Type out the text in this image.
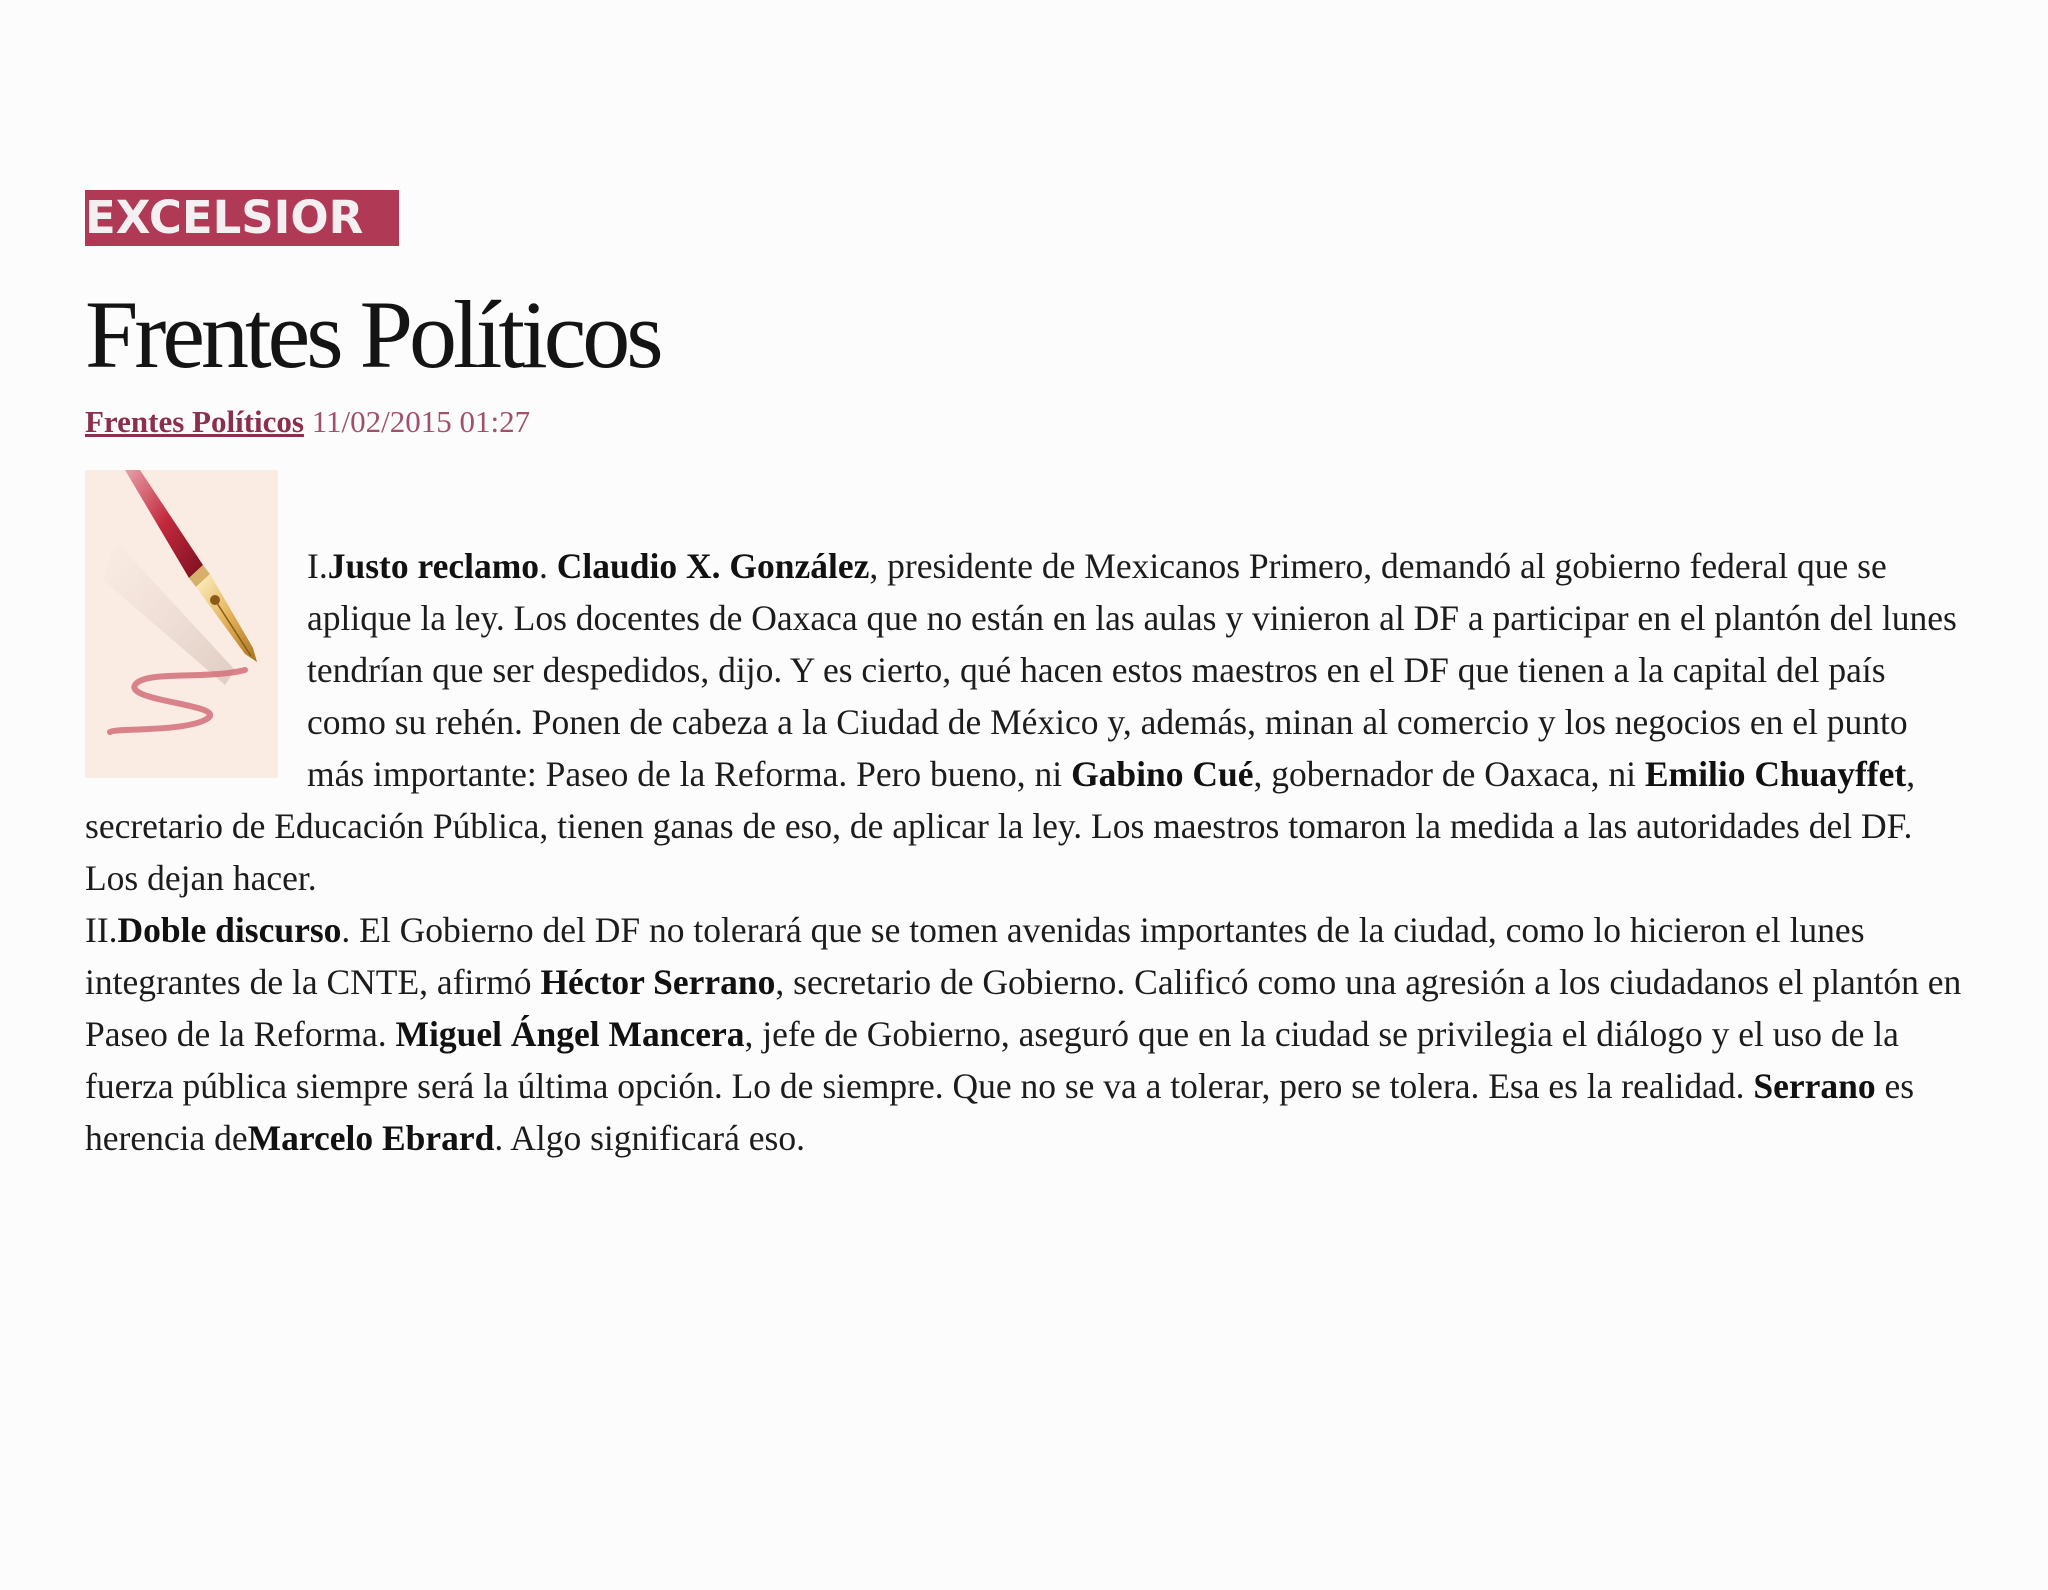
EXCELSIOR
Frentes Políticos
Frentes Políticos 11/02/2015 01:27

I.Justo reclamo. Claudio X. González, presidente de Mexicanos Primero, demandó al gobierno federal que se aplique la ley. Los docentes de Oaxaca que no están en las aulas y vinieron al DF a participar en el plantón del lunes tendrían que ser despedidos, dijo. Y es cierto, qué hacen estos maestros en el DF que tienen a la capital del país como su rehén. Ponen de cabeza a la Ciudad de México y, además, minan al comercio y los negocios en el punto más importante: Paseo de la Reforma. Pero bueno, ni Gabino Cué, gobernador de Oaxaca, ni Emilio Chuayffet, secretario de Educación Pública, tienen ganas de eso, de aplicar la ley. Los maestros tomaron la medida a las autoridades del DF. Los dejan hacer.

II.Doble discurso. El Gobierno del DF no tolerará que se tomen avenidas importantes de la ciudad, como lo hicieron el lunes integrantes de la CNTE, afirmó Héctor Serrano, secretario de Gobierno. Calificó como una agresión a los ciudadanos el plantón en Paseo de la Reforma. Miguel Ángel Mancera, jefe de Gobierno, aseguró que en la ciudad se privilegia el diálogo y el uso de la fuerza pública siempre será la última opción. Lo de siempre. Que no se va a tolerar, pero se tolera. Esa es la realidad. Serrano es herencia deMarcelo Ebrard. Algo significará eso.
